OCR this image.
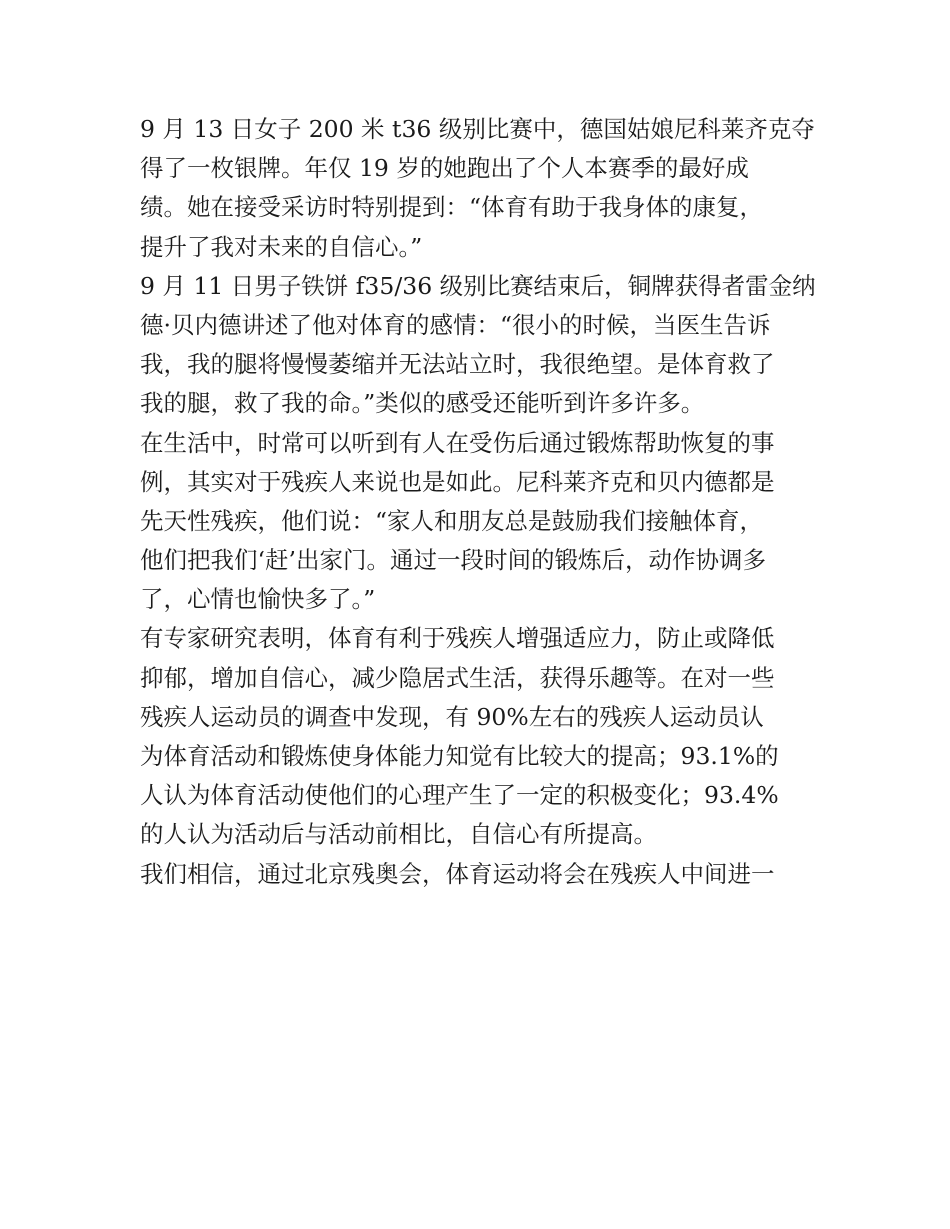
9 月 13 日女子 200 米 t36 级别比赛中，德国姑娘尼科莱齐克夺
得了一枚银牌。年仅 19 岁的她跑出了个人本赛季的最好成
绩。她在接受采访时特别提到：“体育有助于我身体的康复，
提升了我对未来的自信心。”
9 月 11 日男子铁饼 f35/36 级别比赛结束后，铜牌获得者雷金纳
德·贝内德讲述了他对体育的感情：“很小的时候，当医生告诉
我，我的腿将慢慢萎缩并无法站立时，我很绝望。是体育救了
我的腿，救了我的命。”类似的感受还能听到许多许多。
在生活中，时常可以听到有人在受伤后通过锻炼帮助恢复的事
例，其实对于残疾人来说也是如此。尼科莱齐克和贝内德都是
先天性残疾，他们说：“家人和朋友总是鼓励我们接触体育，
他们把我们‘赶’出家门。通过一段时间的锻炼后，动作协调多
了，心情也愉快多了。”
有专家研究表明，体育有利于残疾人增强适应力，防止或降低
抑郁，增加自信心，减少隐居式生活，获得乐趣等。在对一些
残疾人运动员的调查中发现，有 90%左右的残疾人运动员认
为体育活动和锻炼使身体能力知觉有比较大的提高；93.1%的
人认为体育活动使他们的心理产生了一定的积极变化；93.4%
的人认为活动后与活动前相比，自信心有所提高。
我们相信，通过北京残奥会，体育运动将会在残疾人中间进一
